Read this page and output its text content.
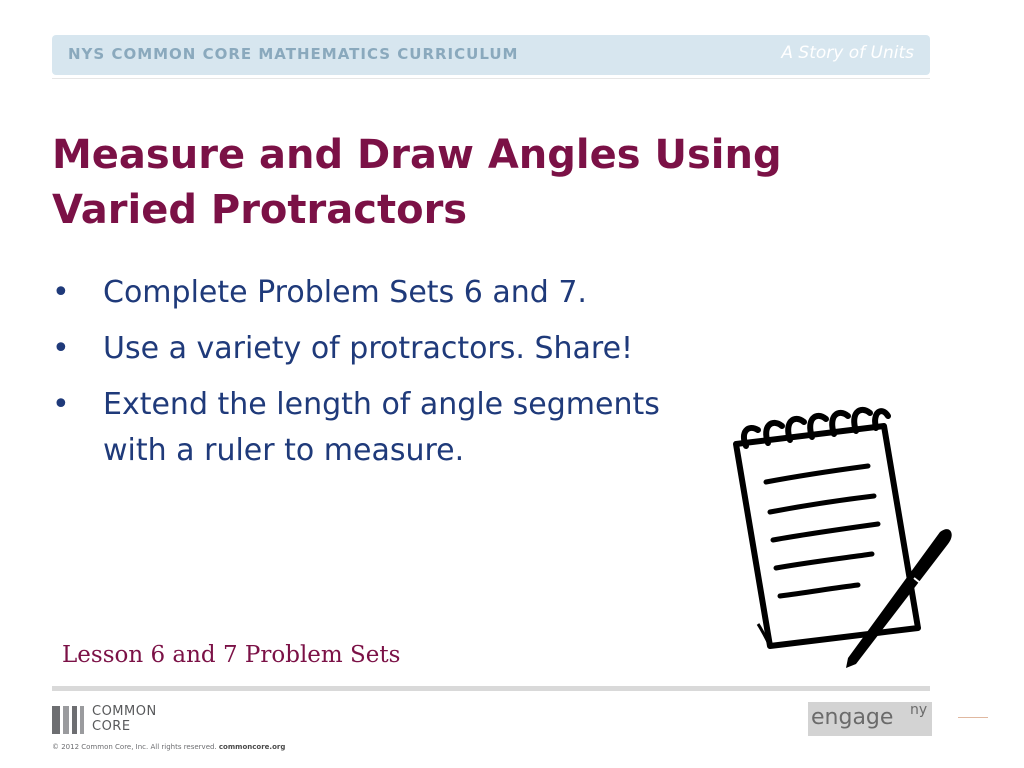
NYS COMMON CORE MATHEMATICS CURRICULUM	A Story of Units
Measure and Draw Angles Using Varied Protractors
• Complete Problem Sets 6 and 7.
• Use a variety of protractors. Share!
• Extend the length of angle segments with a ruler to measure.
Lesson 6 and 7 Problem Sets
COMMON
CORE
© 2012 Common Core, Inc. All rights reserved. commoncore.org
engage ny
